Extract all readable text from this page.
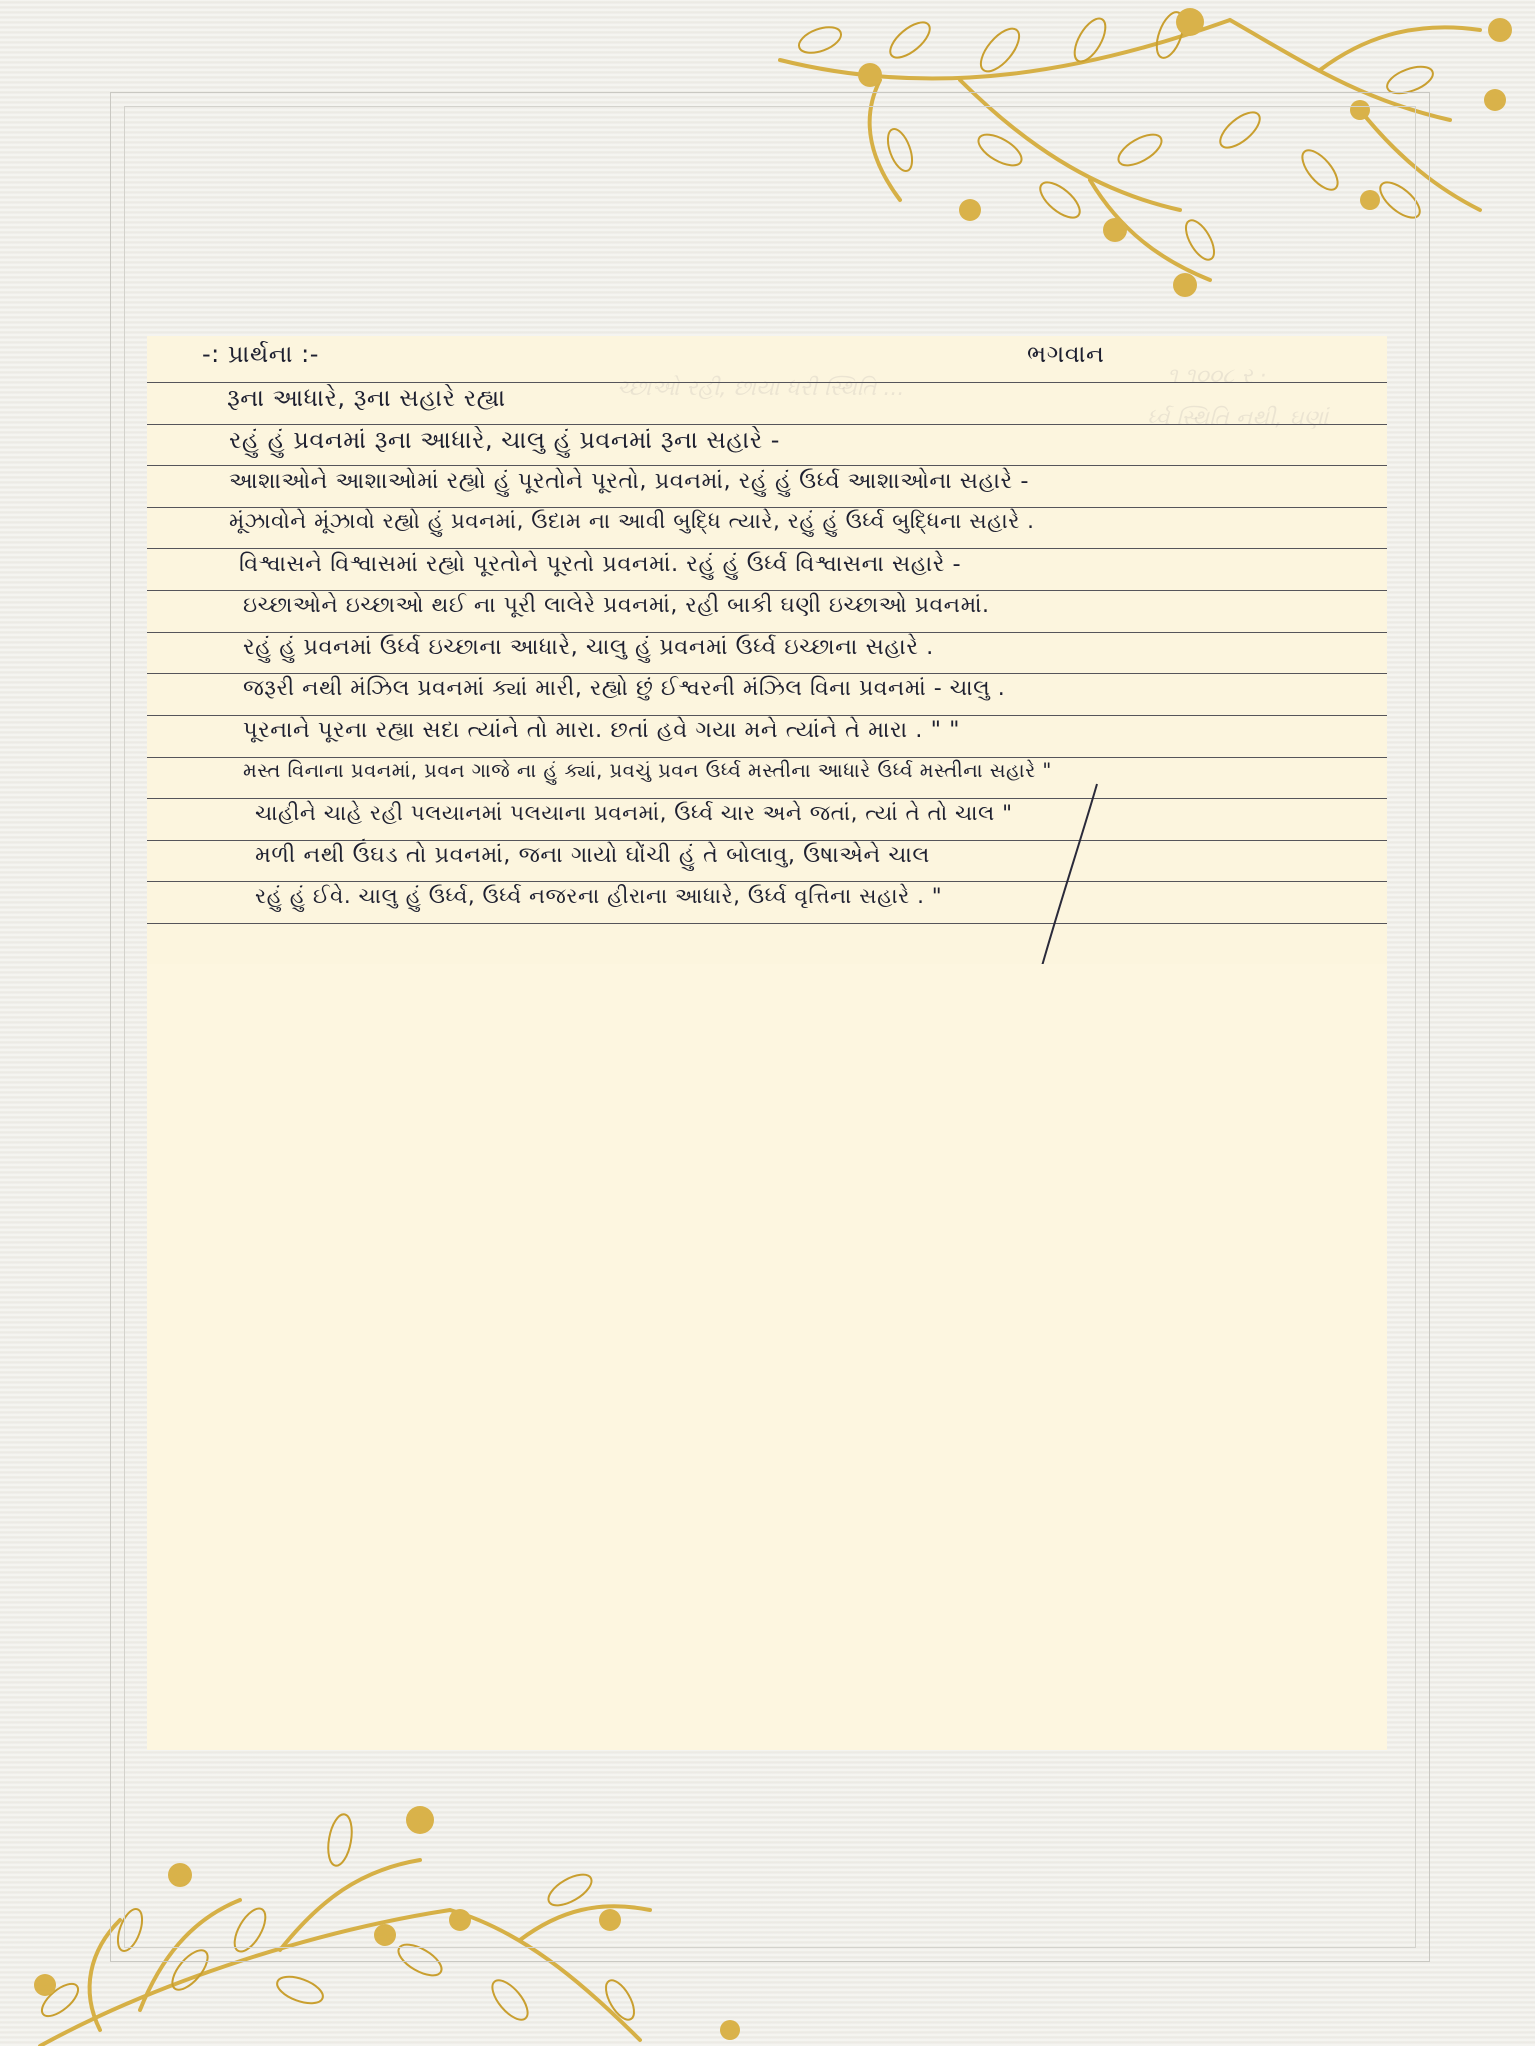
૧ ૧૦૦૮ ર ·
ર્ધ્વ સ્થિતિ નથી, ઘણાં
ચ્છાઓ રહી, છાયા ધરી સ્થિતિ ...
-: પ્રાર્થના :-	ભગવાન
રૂના આધારે, રૂના સહારે રહ્યા
રહું હું પ્રવનમાં રૂના આધારે, ચાલુ હું પ્રવનમાં રૂના સહારે -
આશાઓને આશાઓમાં રહ્યો હું પૂરતોને પૂરતો, પ્રવનમાં, રહું હું ઉર્ધ્વ આશાઓના સહારે -
મૂંઝાવોને મૂંઝાવો રહ્યો હું પ્રવનમાં, ઉદામ ના આવી બુદ્ધિ ત્યારે, રહું હું ઉર્ધ્વ બુદ્ધિના સહારે .
વિશ્વાસને વિશ્વાસમાં રહ્યો પૂરતોને પૂરતો પ્રવનમાં. રહું હું ઉર્ધ્વ વિશ્વાસના સહારે -
ઇચ્છાઓને ઇચ્છાઓ થઈ ના પૂરી લાલેરે પ્રવનમાં, રહી બાકી ઘણી ઇચ્છાઓ પ્રવનમાં.
રહું હું પ્રવનમાં ઉર્ધ્વ ઇચ્છાના આધારે, ચાલુ હું પ્રવનમાં ઉર્ધ્વ ઇચ્છાના સહારે .
જરૂરી નથી મંઝિલ પ્રવનમાં ક્યાં મારી, રહ્યો છું ઈશ્વરની મંઝિલ વિના પ્રવનમાં - ચાલુ .
પૂરનાને પૂરના રહ્યા સદા ત્યાંને તો મારા. છતાં હવે ગયા મને ત્યાંને તે મારા . " "
મસ્ત વિનાના પ્રવનમાં, પ્રવન ગાજે ના હું ક્યાં, પ્રવચું પ્રવન ઉર્ધ્વ મસ્તીના આધારે ઉર્ધ્વ મસ્તીના સહારે "
ચાહીને ચાહે રહી પલયાનમાં પલયાના પ્રવનમાં, ઉર્ધ્વ ચાર અને જતાં, ત્યાં તે તો ચાલ "
મળી નથી ઉંઘડ તો પ્રવનમાં, જના ગાયો ઘોંચી હું તે બોલાવુ, ઉષાએને ચાલ
રહું હું ઈવે. ચાલુ હું ઉર્ધ્વ, ઉર્ધ્વ નજરના હીરાના આધારે, ઉર્ધ્વ વૃત્તિના સહારે . "
